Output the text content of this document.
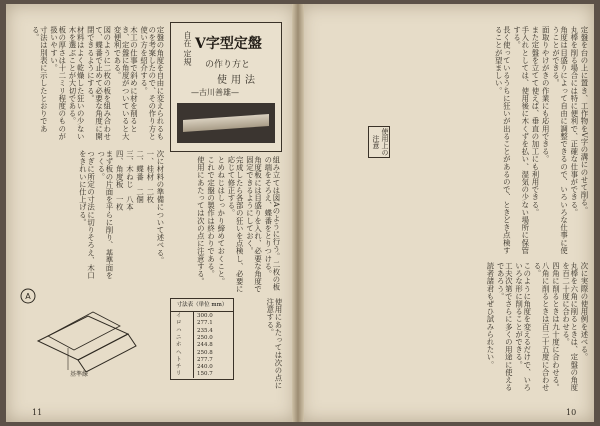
定盤の角度を自由に変えられるものを考案したので、その作り方と使い方を紹介する。
木工の仕事で斜めに材を削るとき、定盤に角度がついていると大変便利である。
図のように二枚の板を組み合わせて、蝶番で止めて必要な角度に開閉できるようにする。
材料はよく乾燥した狂いの少ない木を選ぶことが大切である。
板の厚さは十二ミリ程度のものが扱いやすい。
寸法は別表に示したとおりである。
次に材料の準備について述べる。
一、桂材　二枚
二、蝶番　二個
三、木ねじ　八本
四、角度板　一枚
まず板の片面を平らに削り、基準面をつくる。
つぎに所定の寸法に切りそろえ、木口をきれいに仕上げる。	組み立ては図Aのように行う。二枚の板の端をそろえ、蝶番をとりつける。
角度板には目盛りを入れ、必要な角度で固定できるようにしておく。
完成したら各部の狂いを点検し、必要に応じて修正する。
とめねじはしっかり締めておくこと。
これで定盤の製作は終わりである。
使用にあたっては次の点に注意する。
自在 定規 V字型定盤
の作り方と
使用法
—古川善雄—
A
基準線
寸法表（単位 mm）
イ	300.0
ロ	277.1
ハ	235.4
ニ	250.0
ホ	244.8
ヘ	250.8
ト	277.7
チ	240.0
リ	150.7	使用にあたっては次の点に注意する。
定盤を台の上に置き、工作物をV字の溝にのせて削る。
丸棒を削る場合には特に便利で、正確な仕事ができる。
角度は目盛りによって自由に調整できるので、いろいろな仕事に使うことができる。
面取りやけがきの作業にも応用できる。
また定盤を立てて使えば、垂直の加工にも利用できる。
手入れとしては、使用後に木くずを払い、湿気の少ない場所に保管する。
長く使っているうちに狂いが出ることがあるので、ときどき点検することが望ましい。
次に実際の使用例を述べる。
丸棒を六角に削るときは、定盤の角度を百二十度に合わせる。
四角に削るときは九十度に合わせる。
八角に削るときは百三十五度に合わせる。
このように角度を変えるだけで、いろいろな形に削ることができる。
工夫次第でさらに多くの用途に使えるであろう。
読者諸君もぜひ試みられたい。
使用上の注意
11	10
